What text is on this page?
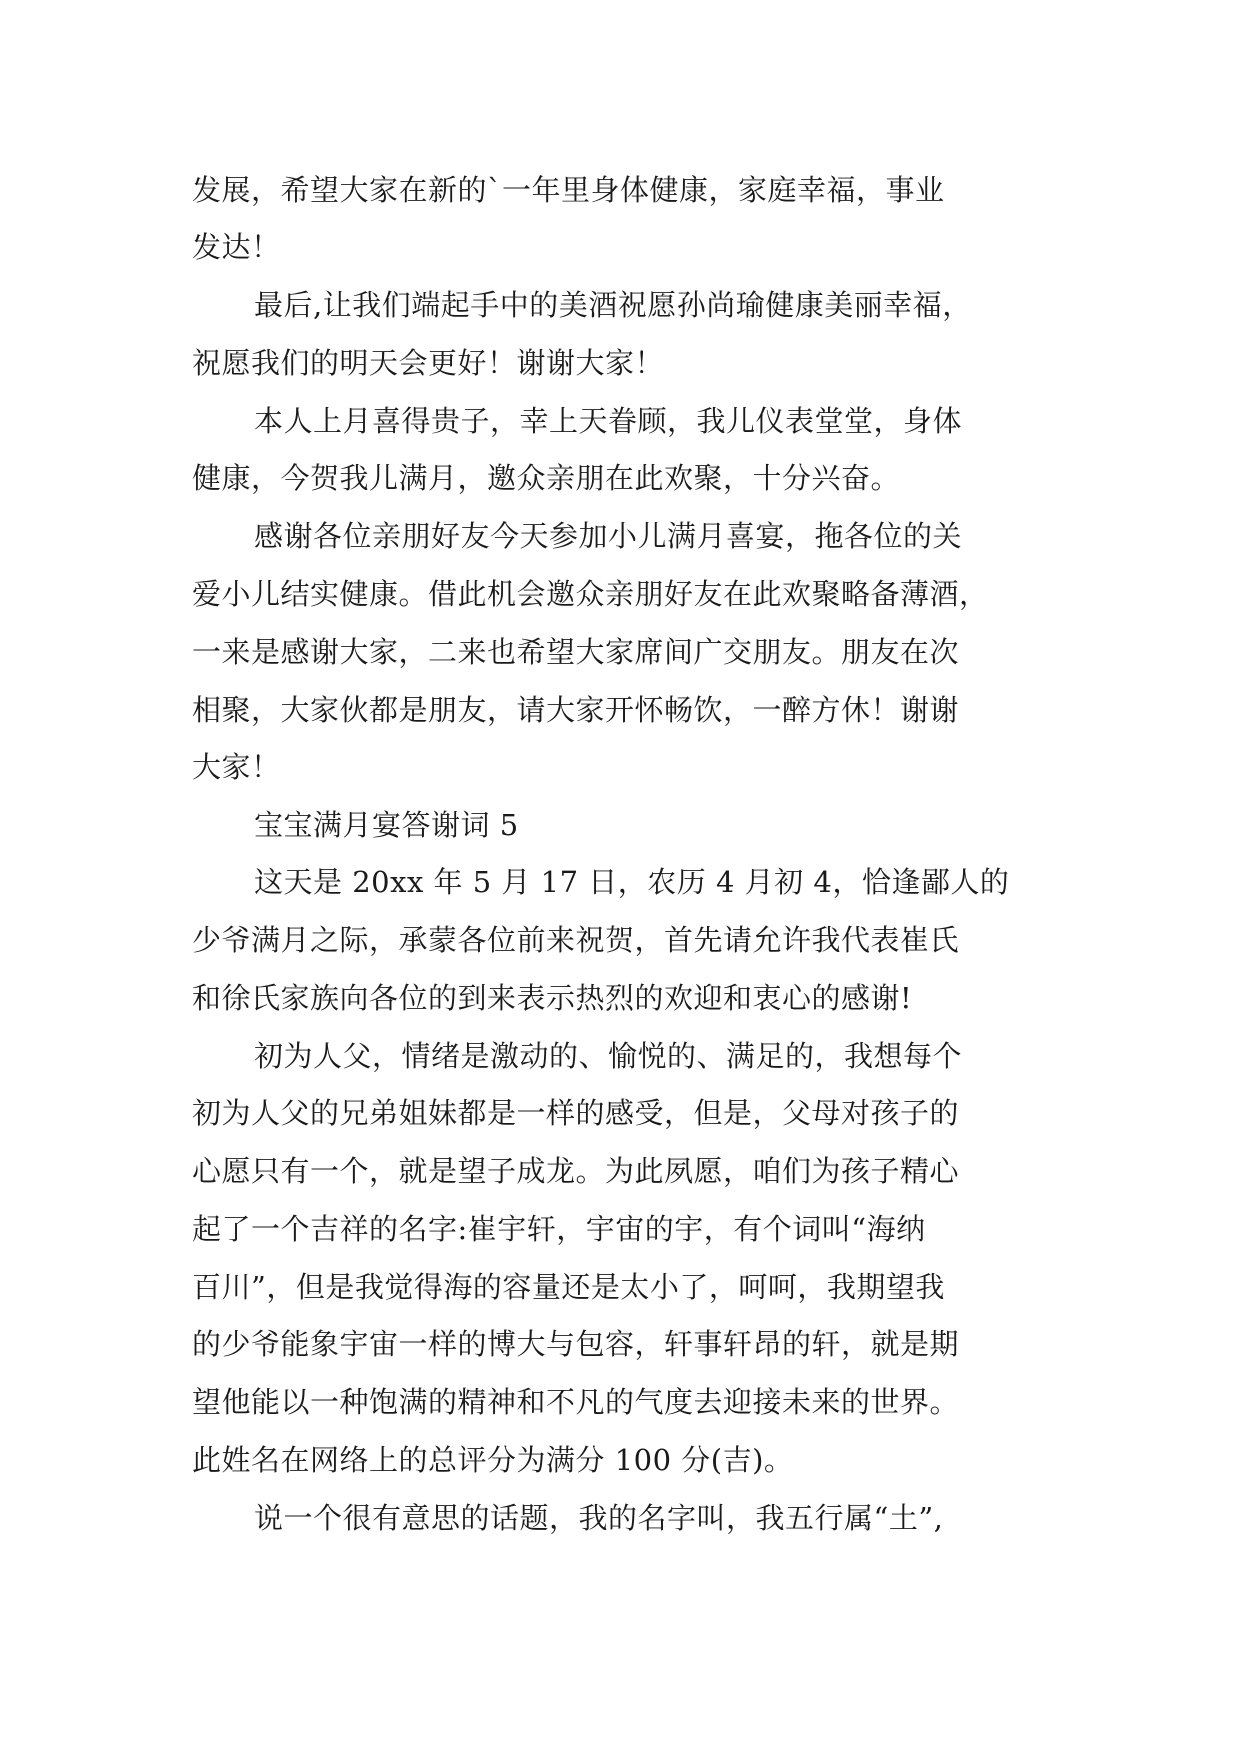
发展，希望大家在新的`一年里身体健康，家庭幸福，事业
发达！
最后,让我们端起手中的美酒祝愿孙尚瑜健康美丽幸福，
祝愿我们的明天会更好！谢谢大家！
本人上月喜得贵子，幸上天眷顾，我儿仪表堂堂，身体
健康，今贺我儿满月，邀众亲朋在此欢聚，十分兴奋。
感谢各位亲朋好友今天参加小儿满月喜宴，拖各位的关
爱小儿结实健康。借此机会邀众亲朋好友在此欢聚略备薄酒，
一来是感谢大家，二来也希望大家席间广交朋友。朋友在次
相聚，大家伙都是朋友，请大家开怀畅饮，一醉方休！谢谢
大家！
宝宝满月宴答谢词 5
这天是 20xx 年 5 月 17 日，农历 4 月初 4，恰逢鄙人的
少爷满月之际，承蒙各位前来祝贺，首先请允许我代表崔氏
和徐氏家族向各位的到来表示热烈的欢迎和衷心的感谢!
初为人父，情绪是激动的、愉悦的、满足的，我想每个
初为人父的兄弟姐妹都是一样的感受，但是，父母对孩子的
心愿只有一个，就是望子成龙。为此夙愿，咱们为孩子精心
起了一个吉祥的名字:崔宇轩，宇宙的宇，有个词叫“海纳
百川”，但是我觉得海的容量还是太小了，呵呵，我期望我
的少爷能象宇宙一样的博大与包容，轩事轩昂的轩，就是期
望他能以一种饱满的精神和不凡的气度去迎接未来的世界。
此姓名在网络上的总评分为满分 100 分(吉)。
说一个很有意思的话题，我的名字叫，我五行属“土”,
